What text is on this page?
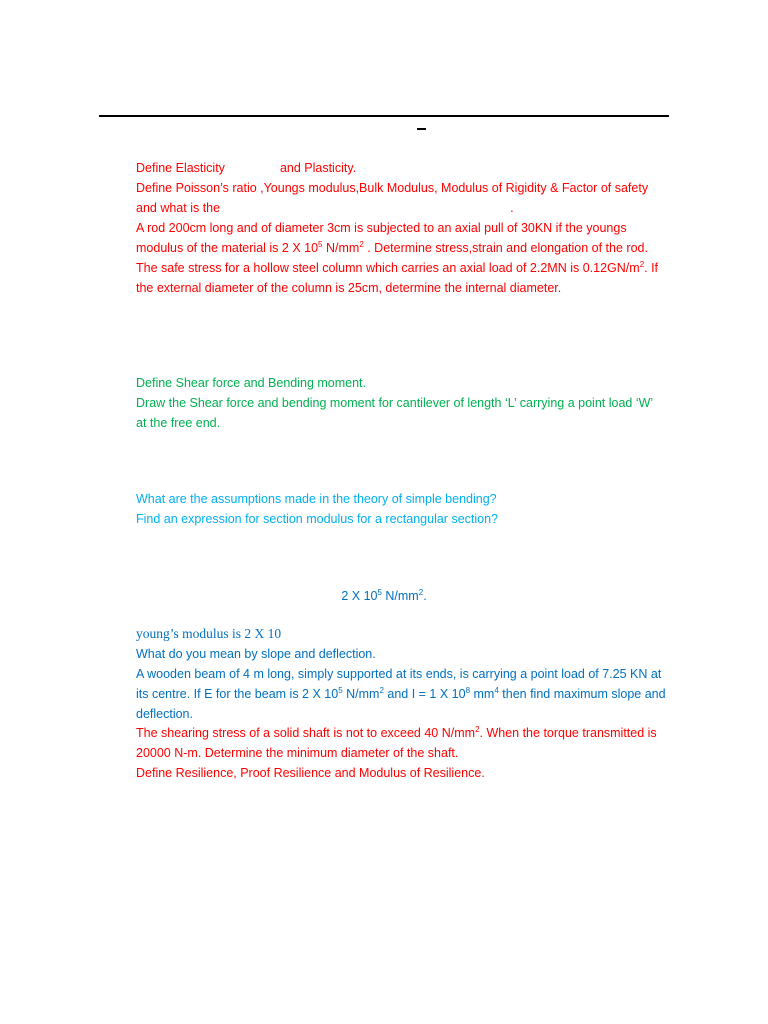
Define Elasticity	and Plasticity.
Define Poisson’s ratio ,Youngs modulus,Bulk Modulus, Modulus of Rigidity & Factor of safety
and what is the	.
A rod 200cm long and of diameter 3cm is subjected to an axial pull of 30KN if the youngs
modulus of the material is 2 X $10^5$ $N/mm^2$ . Determine stress,strain and elongation of the rod.
The safe stress for a hollow steel column which carries an axial load of 2.2MN is $0.12GN/m^2$. If
the external diameter of the column is 25cm, determine the internal diameter.
Define Shear force and Bending moment.
Draw the Shear force and bending moment for cantilever of length ‘L’ carrying a point load ‘W’
at the free end.
What are the assumptions made in the theory of simple bending?
Find an expression for section modulus for a rectangular section?
2 X $10^5$ $N/mm^2$.
young’s modulus is 2 X 10
What do you mean by slope and deflection.
A wooden beam of 4 m long, simply supported at its ends, is carrying a point load of 7.25 KN at
its centre. If E for the beam is 2 X $10^5$ $N/mm^2$ and I = 1 X $10^8$ $mm^4$ then find maximum slope and
deflection.
The shearing stress of a solid shaft is not to exceed 40 $N/mm^2$. When the torque transmitted is
20000 N-m. Determine the minimum diameter of the shaft.
Define Resilience, Proof Resilience and Modulus of Resilience.
